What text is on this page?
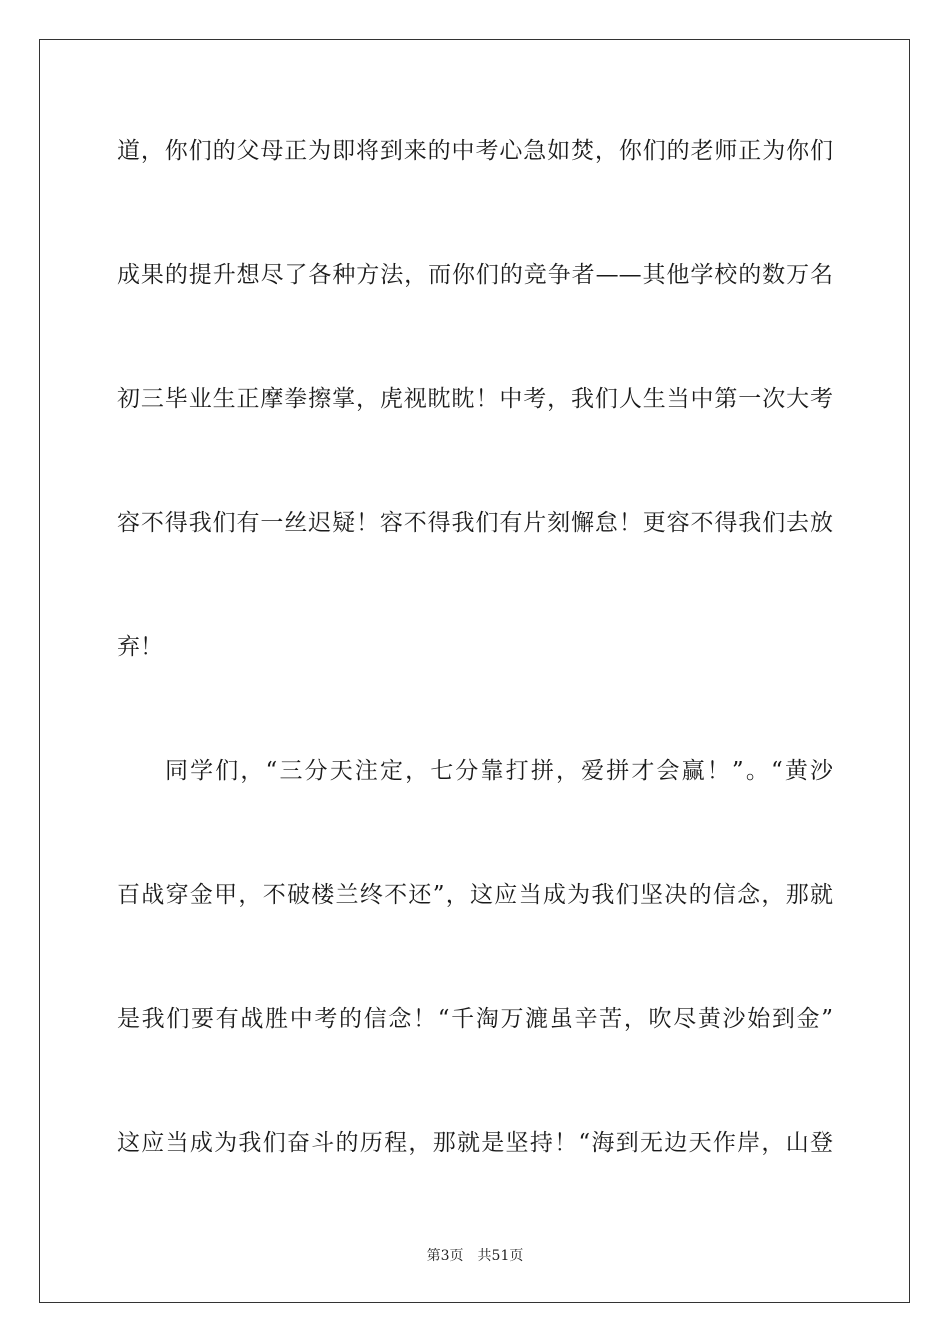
道，你们的父母正为即将到来的中考心急如焚，你们的老师正为你们
成果的提升想尽了各种方法，而你们的竞争者——其他学校的数万名
初三毕业生正摩拳擦掌，虎视眈眈！中考，我们人生当中第一次大考
容不得我们有一丝迟疑！容不得我们有片刻懈怠！更容不得我们去放
弃！
同学们，“三分天注定，七分靠打拼，爱拼才会赢！”。“黄沙
百战穿金甲，不破楼兰终不还”，这应当成为我们坚决的信念，那就
是我们要有战胜中考的信念！“千淘万漉虽辛苦，吹尽黄沙始到金”
这应当成为我们奋斗的历程，那就是坚持！“海到无边天作岸，山登
第3页 共51页
